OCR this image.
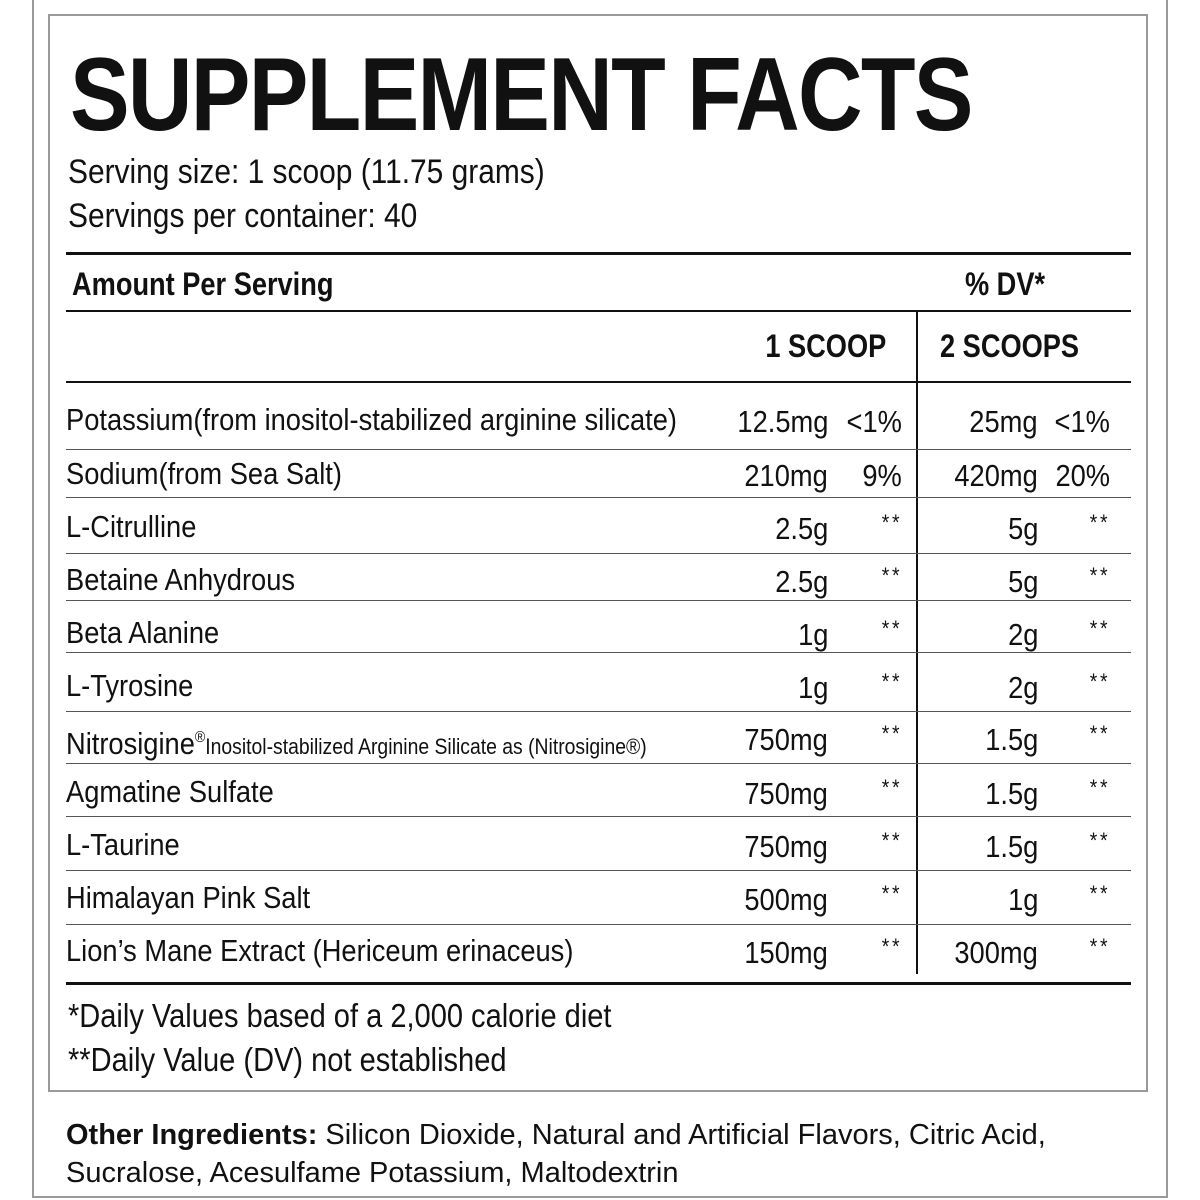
SUPPLEMENT FACTS
Serving size: 1 scoop (11.75 grams)
Servings per container: 40
Amount Per Serving	% DV*
1 SCOOP 2 SCOOPS
Potassium(from inositol-stabilized arginine silicate) 12.5mg <1% 25mg <1%
Sodium(from Sea Salt)	210mg 9% 420mg 20%
L-Citrulline	2.5g **	5g **
Betaine Anhydrous	2.5g **	5g **
Beta Alanine	1g **	2g **
L-Tyrosine	1g **	2g **
Nitrosigine®Inositol-stabilized Arginine Silicate as (Nitrosigine®)	750mg **	1.5g **
Agmatine Sulfate	750mg **	1.5g **
L-Taurine	750mg **	1.5g **
Himalayan Pink Salt	500mg **	1g **
Lion’s Mane Extract (Hericeum erinaceus)	150mg ** 300mg **
*Daily Values based of a 2,000 calorie diet
**Daily Value (DV) not established

Other Ingredients: Silicon Dioxide, Natural and Artificial Flavors, Citric Acid, Sucralose, Acesulfame Potassium, Maltodextrin
